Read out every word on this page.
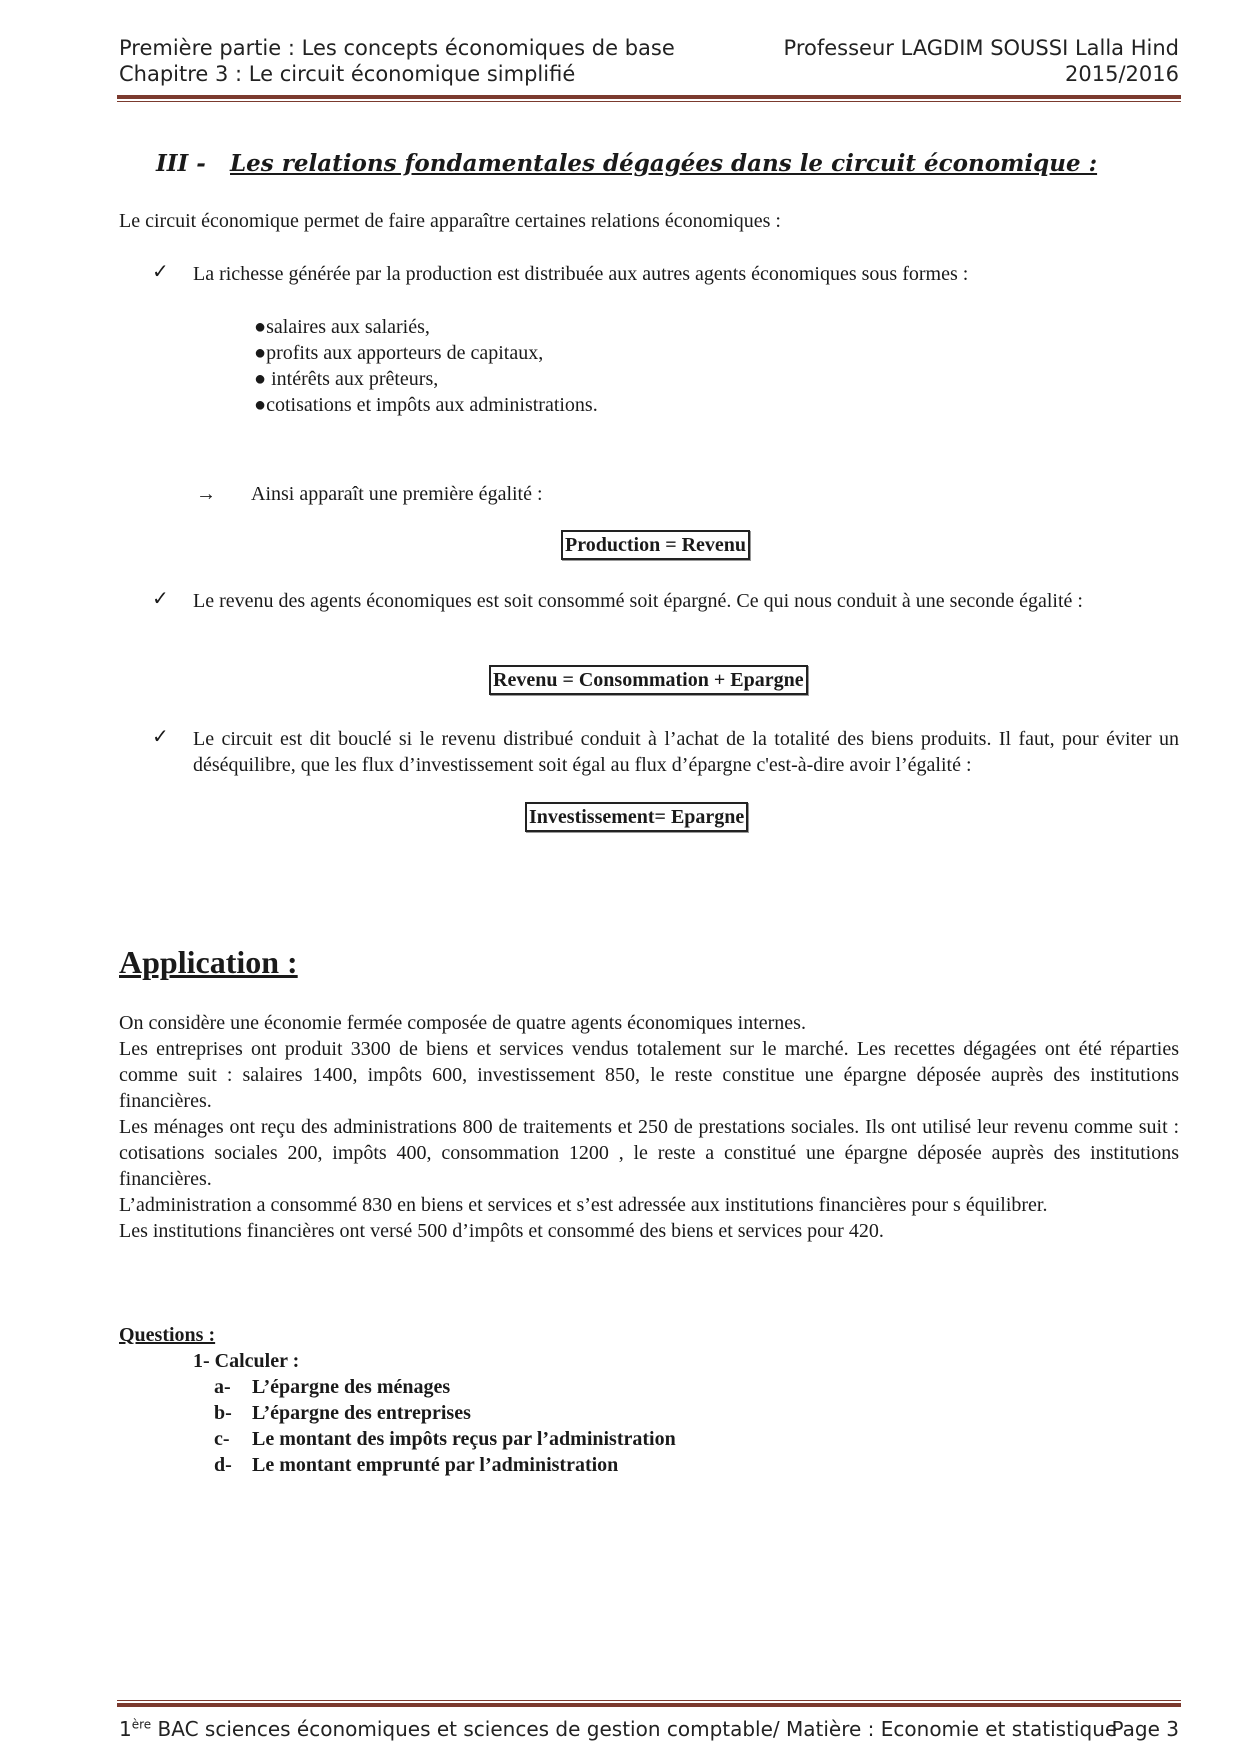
Première partie : Les concepts économiques de base	Professeur LAGDIM SOUSSI Lalla Hind
Chapitre 3 : Le circuit économique simplifié	2015/2016
III - Les relations fondamentales dégagées dans le circuit économique :
Le circuit économique permet de faire apparaître certaines relations économiques :
✓ La richesse générée par la production est distribuée aux autres agents économiques sous formes :
●salaires aux salariés,
●profits aux apporteurs de capitaux,
● intérêts aux prêteurs,
●cotisations et impôts aux administrations.
→ Ainsi apparaît une première égalité :
Production = Revenu
✓ Le revenu des agents économiques est soit consommé soit épargné. Ce qui nous conduit à une seconde égalité :
Revenu = Consommation + Epargne
✓ Le circuit est dit bouclé si le revenu distribué conduit à l’achat de la totalité des biens produits. Il faut, pour éviter un déséquilibre, que les flux d’investissement soit égal au flux d’épargne c'est-à-dire avoir l’égalité :
Investissement= Epargne
Application :
On considère une économie fermée composée de quatre agents économiques internes.
Les entreprises ont produit 3300 de biens et services vendus totalement sur le marché. Les recettes dégagées ont été réparties comme suit : salaires 1400, impôts 600, investissement 850, le reste constitue une épargne déposée auprès des institutions financières.
Les ménages ont reçu des administrations 800 de traitements et 250 de prestations sociales. Ils ont utilisé leur revenu comme suit : cotisations sociales 200, impôts 400, consommation 1200 , le reste a constitué une épargne déposée auprès des institutions financières.
L’administration a consommé 830 en biens et services et s’est adressée aux institutions financières pour s équilibrer.
Les institutions financières ont versé 500 d’impôts et consommé des biens et services pour 420.
Questions :
1- Calculer :
a- L’épargne des ménages
b- L’épargne des entreprises
c- Le montant des impôts reçus par l’administration
d- Le montant emprunté par l’administration
1ère BAC sciences économiques et sciences de gestion comptable/ Matière : Economie et statistique
Page 3
